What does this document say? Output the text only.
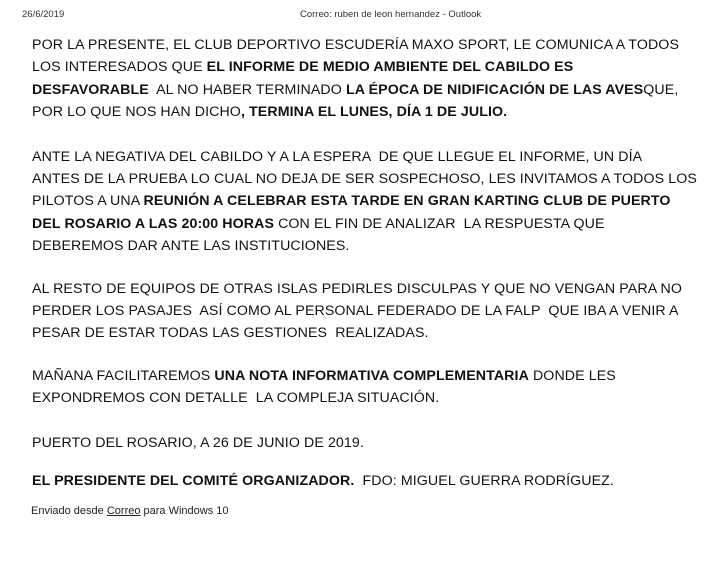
26/6/2019	Correo: ruben de leon hernandez - Outlook
POR LA PRESENTE, EL CLUB DEPORTIVO ESCUDERÍA MAXO SPORT, LE COMUNICA A TODOS
LOS INTERESADOS QUE EL INFORME DE MEDIO AMBIENTE DEL CABILDO ES
DESFAVORABLE  AL NO HABER TERMINADO LA ÉPOCA DE NIDIFICACIÓN DE LAS AVESQUE,
POR LO QUE NOS HAN DICHO, TERMINA EL LUNES, DÍA 1 DE JULIO.
ANTE LA NEGATIVA DEL CABILDO Y A LA ESPERA  DE QUE LLEGUE EL INFORME, UN DÍA
ANTES DE LA PRUEBA LO CUAL NO DEJA DE SER SOSPECHOSO, LES INVITAMOS A TODOS LOS
PILOTOS A UNA REUNIÓN A CELEBRAR ESTA TARDE EN GRAN KARTING CLUB DE PUERTO
DEL ROSARIO A LAS 20:00 HORAS CON EL FIN DE ANALIZAR  LA RESPUESTA QUE
DEBEREMOS DAR ANTE LAS INSTITUCIONES.
AL RESTO DE EQUIPOS DE OTRAS ISLAS PEDIRLES DISCULPAS Y QUE NO VENGAN PARA NO
PERDER LOS PASAJES  ASÍ COMO AL PERSONAL FEDERADO DE LA FALP  QUE IBA A VENIR A
PESAR DE ESTAR TODAS LAS GESTIONES  REALIZADAS.
MAÑANA FACILITAREMOS UNA NOTA INFORMATIVA COMPLEMENTARIA DONDE LES
EXPONDREMOS CON DETALLE  LA COMPLEJA SITUACIÓN.
PUERTO DEL ROSARIO, A 26 DE JUNIO DE 2019.
EL PRESIDENTE DEL COMITÉ ORGANIZADOR.  FDO: MIGUEL GUERRA RODRÍGUEZ.
Enviado desde Correo para Windows 10
